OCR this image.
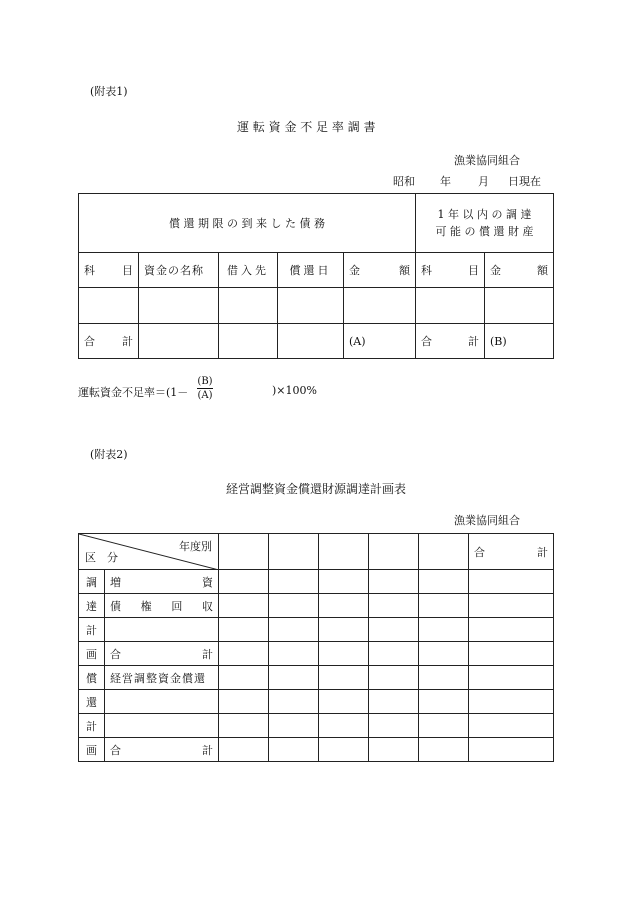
(附表1)
運 転 資 金 不 足 率 調 書
漁業協同組合
昭和 年 月 日現在
償 還 期 限 の 到 来 し た 債 務					1 年 以 内 の 調 達
可 能 の 償 還 財 産	

科 目	資金の名称	借入先	償還日	金 額	科 目	金 額

合 計				(A)	合 計	(B)
運転資金不足率＝(1－
(B)
(A)	)×100%
(附表2)
経営調整資金償還財源調達計画表
漁業協同組合
年度別
区　分							合 計

調	増 資						

達	債 権 回 収						

計							
画	合 計						

償	経営調整資金償還						
還							
計							
画	合 計						
